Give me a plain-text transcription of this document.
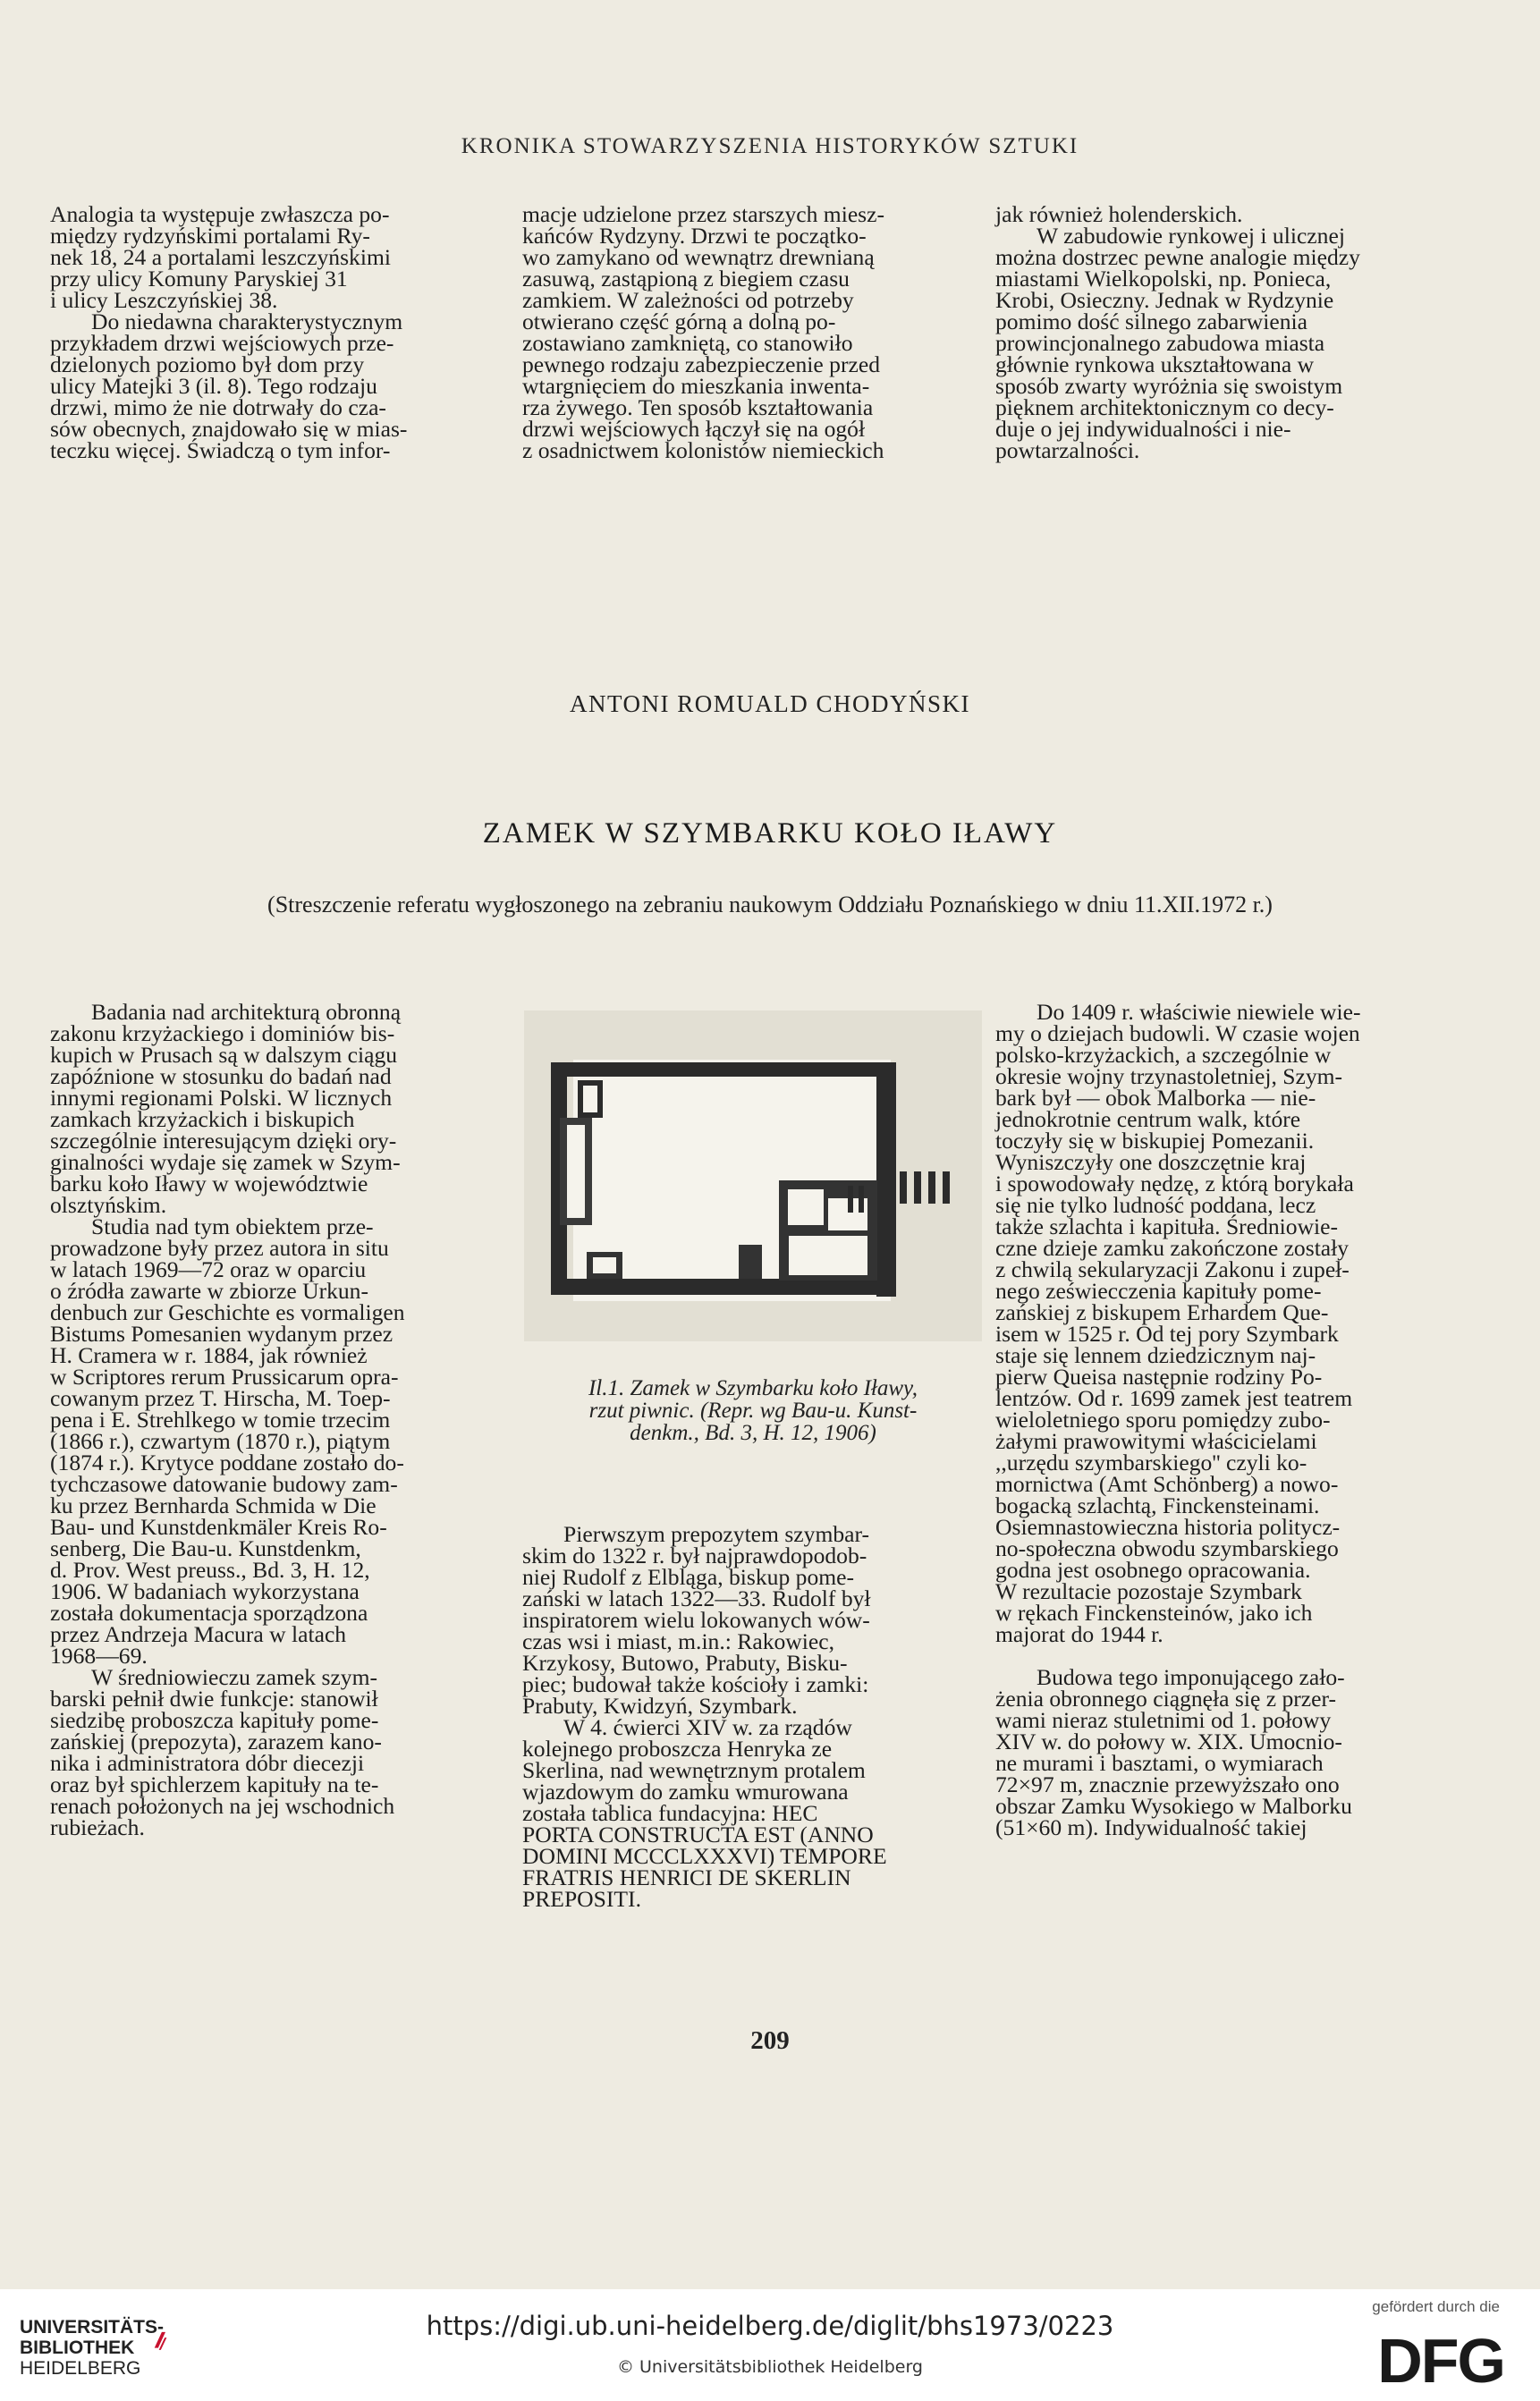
KRONIKA STOWARZYSZENIA HISTORYKÓW SZTUKI

Analogia ta występuje zwłaszcza po-
między rydzyńskimi portalami Ry-
nek 18, 24 a portalami leszczyńskimi
przy ulicy Komuny Paryskiej 31
i ulicy Leszczyńskiej 38.

Do niedawna charakterystycznym
przykładem drzwi wejściowych prze-
dzielonych poziomo był dom przy
ulicy Matejki 3 (il. 8). Tego rodzaju
drzwi, mimo że nie dotrwały do cza-
sów obecnych, znajdowało się w mias-
teczku więcej. Świadczą o tym infor-

macje udzielone przez starszych miesz-
kańców Rydzyny. Drzwi te początko-
wo zamykano od wewnątrz drewnianą
zasuwą, zastąpioną z biegiem czasu
zamkiem. W zależności od potrzeby
otwierano część górną a dolną po-
zostawiano zamkniętą, co stanowiło
pewnego rodzaju zabezpieczenie przed
wtargnięciem do mieszkania inwenta-
rza żywego. Ten sposób kształtowania
drzwi wejściowych łączył się na ogół
z osadnictwem kolonistów niemieckich

jak również holenderskich.

W zabudowie rynkowej i ulicznej
można dostrzec pewne analogie między
miastami Wielkopolski, np. Ponieca,
Krobi, Osieczny. Jednak w Rydzynie
pomimo dość silnego zabarwienia
prowincjonalnego zabudowa miasta
głównie rynkowa ukształtowana w
sposób zwarty wyróżnia się swoistym
pięknem architektonicznym co decy-
duje o jej indywidualności i nie-
powtarzalności.

ANTONI ROMUALD CHODYŃSKI
ZAMEK W SZYMBARKU KOŁO IŁAWY
(Streszczenie referatu wygłoszonego na zebraniu naukowym Oddziału Poznańskiego w dniu 11.XII.1972 r.)

Badania nad architekturą obronną
zakonu krzyżackiego i dominiów bis-
kupich w Prusach są w dalszym ciągu
zapóźnione w stosunku do badań nad
innymi regionami Polski. W licznych
zamkach krzyżackich i biskupich
szczególnie interesującym dzięki ory-
ginalności wydaje się zamek w Szym-
barku koło Iławy w województwie
olsztyńskim.

Studia nad tym obiektem prze-
prowadzone były przez autora in situ
w latach 1969—72 oraz w oparciu
o źródła zawarte w zbiorze Urkun-
denbuch zur Geschichte es vormaligen
Bistums Pomesanien wydanym przez
H. Cramera w r. 1884, jak również
w Scriptores rerum Prussicarum opra-
cowanym przez T. Hirscha, M. Toep-
pena i E. Strehlkego w tomie trzecim
(1866 r.), czwartym (1870 r.), piątym
(1874 r.). Krytyce poddane zostało do-
tychczasowe datowanie budowy zam-
ku przez Bernharda Schmida w Die
Bau- und Kunstdenkmäler Kreis Ro-
senberg, Die Bau-u. Kunstdenkm,
d. Prov. West preuss., Bd. 3, H. 12,
1906. W badaniach wykorzystana
została dokumentacja sporządzona
przez Andrzeja Macura w latach
1968—69.

W średniowieczu zamek szym-
barski pełnił dwie funkcje: stanowił
siedzibę proboszcza kapituły pome-
zańskiej (prepozyta), zarazem kano-
nika i administratora dóbr diecezji
oraz był spichlerzem kapituły na te-
renach położonych na jej wschodnich
rubieżach.

Il.1. Zamek w Szymbarku koło Iławy,
rzut piwnic. (Repr. wg Bau-u. Kunst-
denkm., Bd. 3, H. 12, 1906)

Pierwszym prepozytem szymbar-
skim do 1322 r. był najprawdopodob-
niej Rudolf z Elbląga, biskup pome-
zański w latach 1322—33. Rudolf był
inspiratorem wielu lokowanych wów-
czas wsi i miast, m.in.: Rakowiec,
Krzykosy, Butowo, Prabuty, Bisku-
piec; budował także kościoły i zamki:
Prabuty, Kwidzyń, Szymbark.

W 4. ćwierci XIV w. za rządów
kolejnego proboszcza Henryka ze
Skerlina, nad wewnętrznym protalem
wjazdowym do zamku wmurowana
została tablica fundacyjna: HEC
PORTA CONSTRUCTA EST (ANNO
DOMINI MCCCLXXXVI) TEMPORE
FRATRIS HENRICI DE SKERLIN
PREPOSITI.

Do 1409 r. właściwie niewiele wie-
my o dziejach budowli. W czasie wojen
polsko-krzyżackich, a szczególnie w
okresie wojny trzynastoletniej, Szym-
bark był — obok Malborka — nie-
jednokrotnie centrum walk, które
toczyły się w biskupiej Pomezanii.
Wyniszczyły one doszczętnie kraj
i spowodowały nędzę, z którą borykała
się nie tylko ludność poddana, lecz
także szlachta i kapituła. Średniowie-
czne dzieje zamku zakończone zostały
z chwilą sekularyzacji Zakonu i zupeł-
nego zeświecczenia kapituły pome-
zańskiej z biskupem Erhardem Que-
isem w 1525 r. Od tej pory Szymbark
staje się lennem dziedzicznym naj-
pierw Queisa następnie rodziny Po-
lentzów. Od r. 1699 zamek jest teatrem
wieloletniego sporu pomiędzy zubo-
żałymi prawowitymi właścicielami
,,urzędu szymbarskiego'' czyli ko-
mornictwa (Amt Schönberg) a nowo-
bogacką szlachtą, Finckensteinami.
Osiemnastowieczna historia politycz-
no-społeczna obwodu szymbarskiego
godna jest osobnego opracowania.
W rezultacie pozostaje Szymbark
w rękach Finckensteinów, jako ich
majorat do 1944 r.

Budowa tego imponującego zało-
żenia obronnego ciągnęła się z przer-
wami nieraz stuletnimi od 1. połowy
XIV w. do połowy w. XIX. Umocnio-
ne murami i basztami, o wymiarach
72×97 m, znacznie przewyższało ono
obszar Zamku Wysokiego w Malborku
(51×60 m). Indywidualność takiej

209
UNIVERSITÄTS-
BIBLIOTHEK
HEIDELBERG
https://digi.ub.uni-heidelberg.de/diglit/bhs1973/0223
© Universitätsbibliothek Heidelberg
gefördert durch die
DFG
